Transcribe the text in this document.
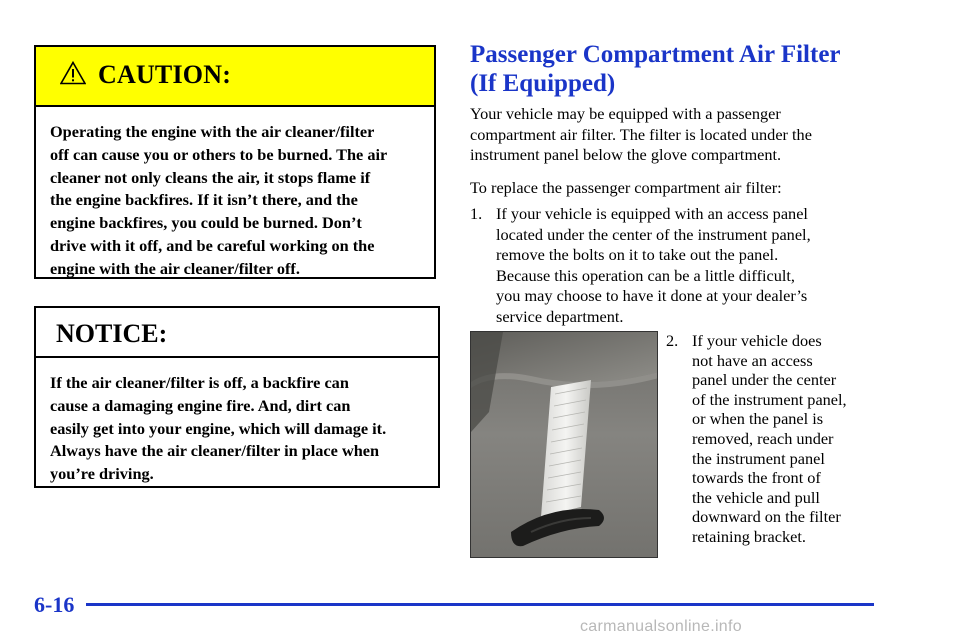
CAUTION:
Operating the engine with the air cleaner/filter
off can cause you or others to be burned. The air
cleaner not only cleans the air, it stops flame if
the engine backfires. If it isn’t there, and the
engine backfires, you could be burned. Don’t
drive with it off, and be careful working on the
engine with the air cleaner/filter off.
NOTICE:
If the air cleaner/filter is off, a backfire can
cause a damaging engine fire. And, dirt can
easily get into your engine, which will damage it.
Always have the air cleaner/filter in place when
you’re driving.
Passenger Compartment Air Filter
(If Equipped)
Your vehicle may be equipped with a passenger
compartment air filter. The filter is located under the
instrument panel below the glove compartment.
To replace the passenger compartment air filter:
1. If your vehicle is equipped with an access panel
located under the center of the instrument panel,
remove the bolts on it to take out the panel.
Because this operation can be a little difficult,
you may choose to have it done at your dealer’s
service department.
2. If your vehicle does
not have an access
panel under the center
of the instrument panel,
or when the panel is
removed, reach under
the instrument panel
towards the front of
the vehicle and pull
downward on the filter
retaining bracket.
6-16
carmanualsonline.info
